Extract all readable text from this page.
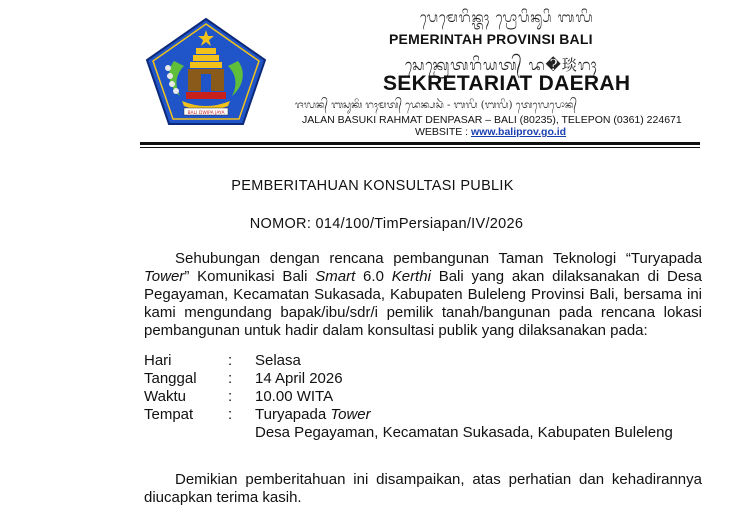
BALI DWIPA JAYA
ᬧᬾᬫᬾᬭᬶᬦ᭄ᬢᬄ ᬧ᭄ᬭᭀᬧᬶᬦ᭄ᬲᬶ ᬩᬮᬶ
PEMERINTAH PROVINSI BALI
ᬲᬾᬓ᭄ᬭᬾᬢᬭᬶᬬᬢ᭄ ᬤ�琰ᬭᬄ
SEKRETARIAT DAERAH
ᬚᬮᬦ᭄ ᬩᬲᬸᬓᬶ ᬭᬄᬫᬢ᭄ ᬤᬾᬦ᭄ᬧᬲᬃ - ᬩᬮᬶ (ᬩᬮᬶ) ᬢᬾᬮᬾᬧᭀᬦ᭄
JALAN BASUKI RAHMAT DENPASAR – BALI (80235), TELEPON (0361) 224671
WEBSITE : www.baliprov.go.id
PEMBERITAHUAN KONSULTASI PUBLIK
NOMOR: 014/100/TimPersiapan/IV/2026
Sehubungan dengan rencana pembangunan Taman Teknologi “Turyapada Tower” Komunikasi Bali Smart 6.0 Kerthi Bali yang akan dilaksanakan di Desa Pegayaman, Kecamatan Sukasada, Kabupaten Buleleng Provinsi Bali, bersama ini kami mengundang bapak/ibu/sdr/i pemilik tanah/bangunan pada rencana lokasi pembangunan untuk hadir dalam konsultasi publik yang dilaksanakan pada:
Hari	: Selasa
Tanggal : 14 April 2026
Waktu	: 10.00 WITA
Tempat : Turyapada Tower
Desa Pegayaman, Kecamatan Sukasada, Kabupaten Buleleng
Demikian pemberitahuan ini disampaikan, atas perhatian dan kehadirannya diucapkan terima kasih.
